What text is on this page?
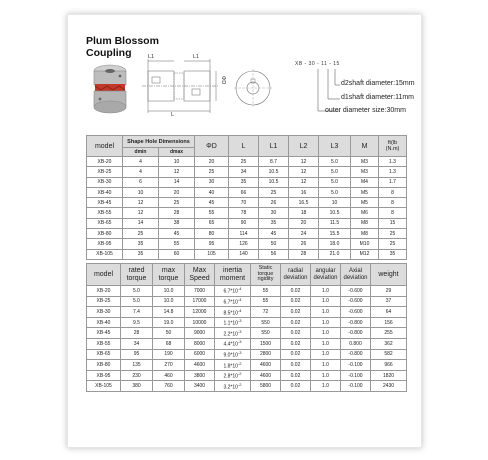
Plum Blossom
Coupling	L1	L1
L
ΦD
XB - 30 - 11 - 15
d2shaft diameter:15mm
d1shaft diameter:11mm
outer diameter size:30mm
model	Shape Hole Dimensions		ΦD	L	L1	L2	L3	M	ft(lb
(N.m)
	dmin	dmax							
XB-20	4	10	20	25	8.7	12	5.0	M3	1.3
XB-25	4	12	25	34	10.5	12	5.0	M3	1.3
XB-30	6	14	30	35	10.5	12	5.0	M4	1.7
XB-40	10	20	40	66	25	16	5.0	M5	8
XB-45	12	25	45	70	26	16.5	10	M5	8
XB-55	12	28	55	78	30	18	10.5	M6	8
XB-65	14	38	65	90	35	20	11.5	M8	15
XB-80	25	45	80	114	45	24	15.5	M8	25
XB-95	35	55	95	126	50	26	18.0	M10	25
XB-105	35	60	105	140	56	28	21.0	M12	35
model	rated torque	max torque	Max Speed	inertia moment	Static torque rigidity	radial deviation	angular deviation	Axial deviation	weight
XB-20	5.0	10.0	7000	$6.7*10^{-4}$	55	0.02	1.0	-0.600	29
XB-25	5.0	10.0	17000	$6.7*10^{-4}$	55	0.02	1.0	-0.600	37
XB-30	7.4	14.8	12000	$8.5*10^{-4}$	72	0.02	1.0	-0.600	64
XB-40	9.5	19.0	10000	$1.1*10^{-3}$	550	0.02	1.0	-0.800	156
XB-45	28	50	9000	$2.2*10^{-3}$	550	0.02	1.0	-0.800	255
XB-55	34	68	8000	$4.4*10^{-3}$	1500	0.02	1.0	0.800	362
XB-65	95	190	6000	$9.0*10^{-3}$	2800	0.02	1.0	-0.800	582
XB-80	135	270	4600	$1.8*10^{-2}$	4600	0.02	1.0	-0.100	966
XB-95	230	460	3800	$2.8*10^{-2}$	4600	0.02	1.0	-0.100	1820
XB-105	380	760	3400	$3.2*10^{-2}$	5800	0.02	1.0	-0.100	2430
